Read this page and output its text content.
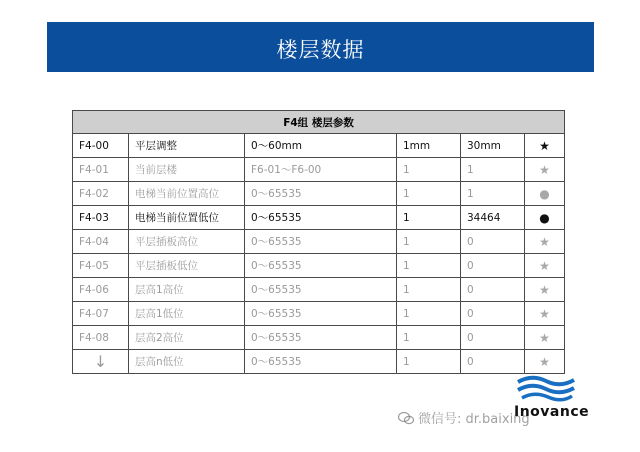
楼层数据
F4组 楼层参数					
F4-00	平层调整	0～60mm	1mm	30mm	★
F4-01	当前层楼	F6-01～F6-00	1	1	★
F4-02	电梯当前位置高位	0～65535	1	1	●
F4-03	电梯当前位置低位	0～65535	1	34464	●
F4-04	平层插板高位	0～65535	1	0	★
F4-05	平层插板低位	0～65535	1	0	★
F4-06	层高1高位	0～65535	1	0	★
F4-07	层高1低位	0～65535	1	0	★
F4-08	层高2高位	0～65535	1	0	★
↓	层高n低位	0～65535	1	0	★
微信号: dr.baixing
Inovance
